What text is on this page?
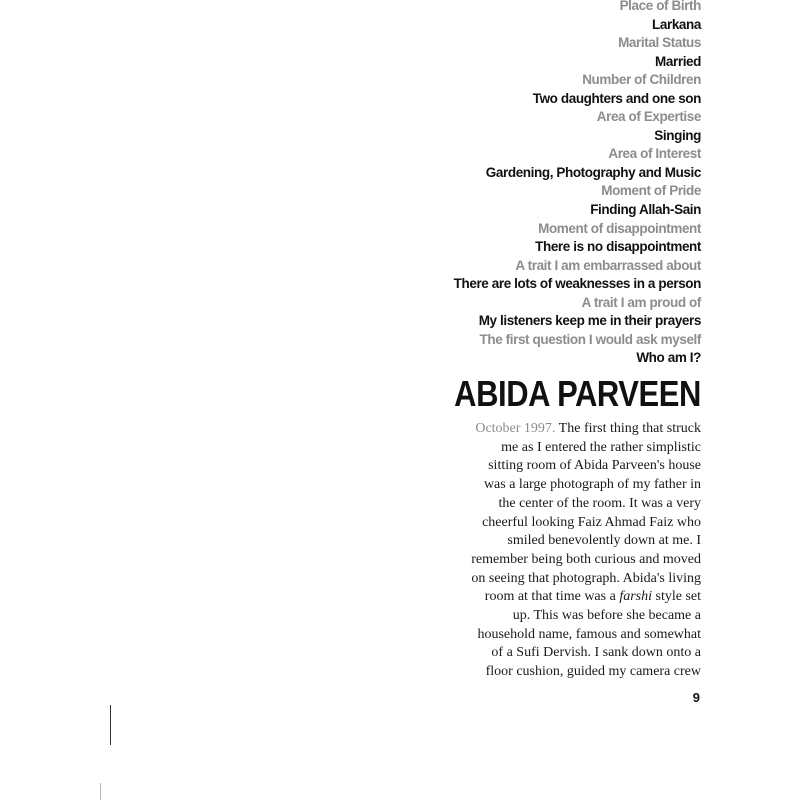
Place of Birth
Larkana
Marital Status
Married
Number of Children
Two daughters and one son
Area of Expertise
Singing
Area of Interest
Gardening, Photography and Music
Moment of Pride
Finding Allah-Sain
Moment of disappointment
There is no disappointment
A trait I am embarrassed about
There are lots of weaknesses in a person
A trait I am proud of
My listeners keep me in their prayers
The first question I would ask myself
Who am I?
ABIDA PARVEEN
October 1997. The first thing that struck
me as I entered the rather simplistic
sitting room of Abida Parveen's house
was a large photograph of my father in
the center of the room. It was a very
cheerful looking Faiz Ahmad Faiz who
smiled benevolently down at me. I
remember being both curious and moved
on seeing that photograph. Abida's living
room at that time was a farshi style set
up. This was before she became a
household name, famous and somewhat
of a Sufi Dervish. I sank down onto a
floor cushion, guided my camera crew
9
